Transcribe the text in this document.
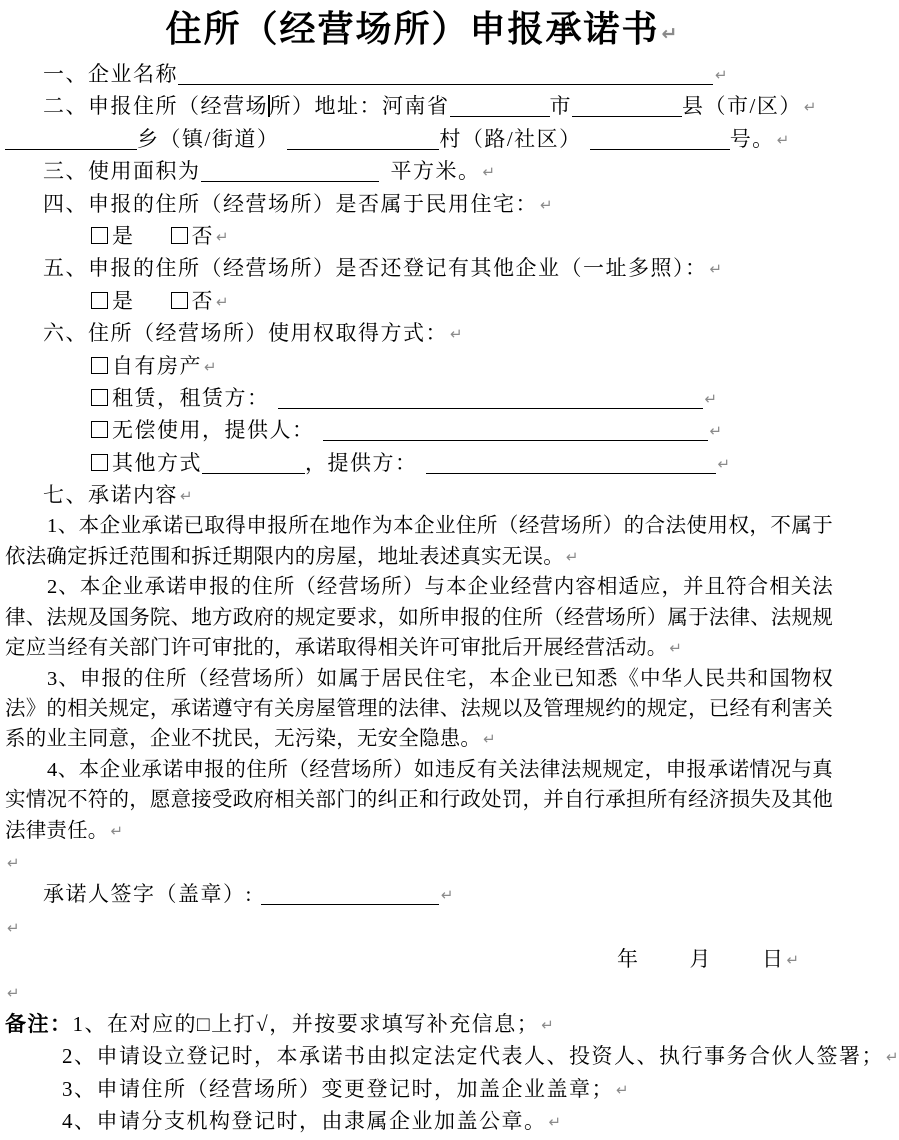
住所（经营场所）申报承诺书 ↵
一、企业名称	↵
二、申报住所（经营场所）地址：河南省	市	县（市/区） ↵
乡（镇/街道）	村（路/社区）	号。 ↵
三、使用面积为	平方米。 ↵
四、申报的住所（经营场所）是否属于民用住宅： ↵
是	否 ↵
五、申报的住所（经营场所）是否还登记有其他企业（一址多照）： ↵
是	否 ↵
六、住所（经营场所）使用权取得方式： ↵
自有房产 ↵
租赁，租赁方：	↵
无偿使用，提供人：	↵
其他方式	，提供方：	↵
七、承诺内容 ↵

1、本企业承诺已取得申报所在地作为本企业住所（经营场所）的合法使用权，不属于依法确定拆迁范围和拆迁期限内的房屋，地址表述真实无误。 ↵

2、本企业承诺申报的住所（经营场所）与本企业经营内容相适应，并且符合相关法律、法规及国务院、地方政府的规定要求，如所申报的住所（经营场所）属于法律、法规规定应当经有关部门许可审批的，承诺取得相关许可审批后开展经营活动。 ↵

3、申报的住所（经营场所）如属于居民住宅，本企业已知悉《中华人民共和国物权法》的相关规定，承诺遵守有关房屋管理的法律、法规以及管理规约的规定，已经有利害关系的业主同意，企业不扰民，无污染，无安全隐患。 ↵

4、本企业承诺申报的住所（经营场所）如违反有关法律法规规定，申报承诺情况与真实情况不符的，愿意接受政府相关部门的纠正和行政处罚，并自行承担所有经济损失及其他法律责任。 ↵

↵
承诺人签字（盖章）:	↵
↵
年 月 日 ↵
↵
备注：1、在对应的□上打√，并按要求填写补充信息； ↵
2、申请设立登记时，本承诺书由拟定法定代表人、投资人、执行事务合伙人签署； ↵
3、申请住所（经营场所）变更登记时，加盖企业盖章； ↵
4、申请分支机构登记时，由隶属企业加盖公章。 ↵
